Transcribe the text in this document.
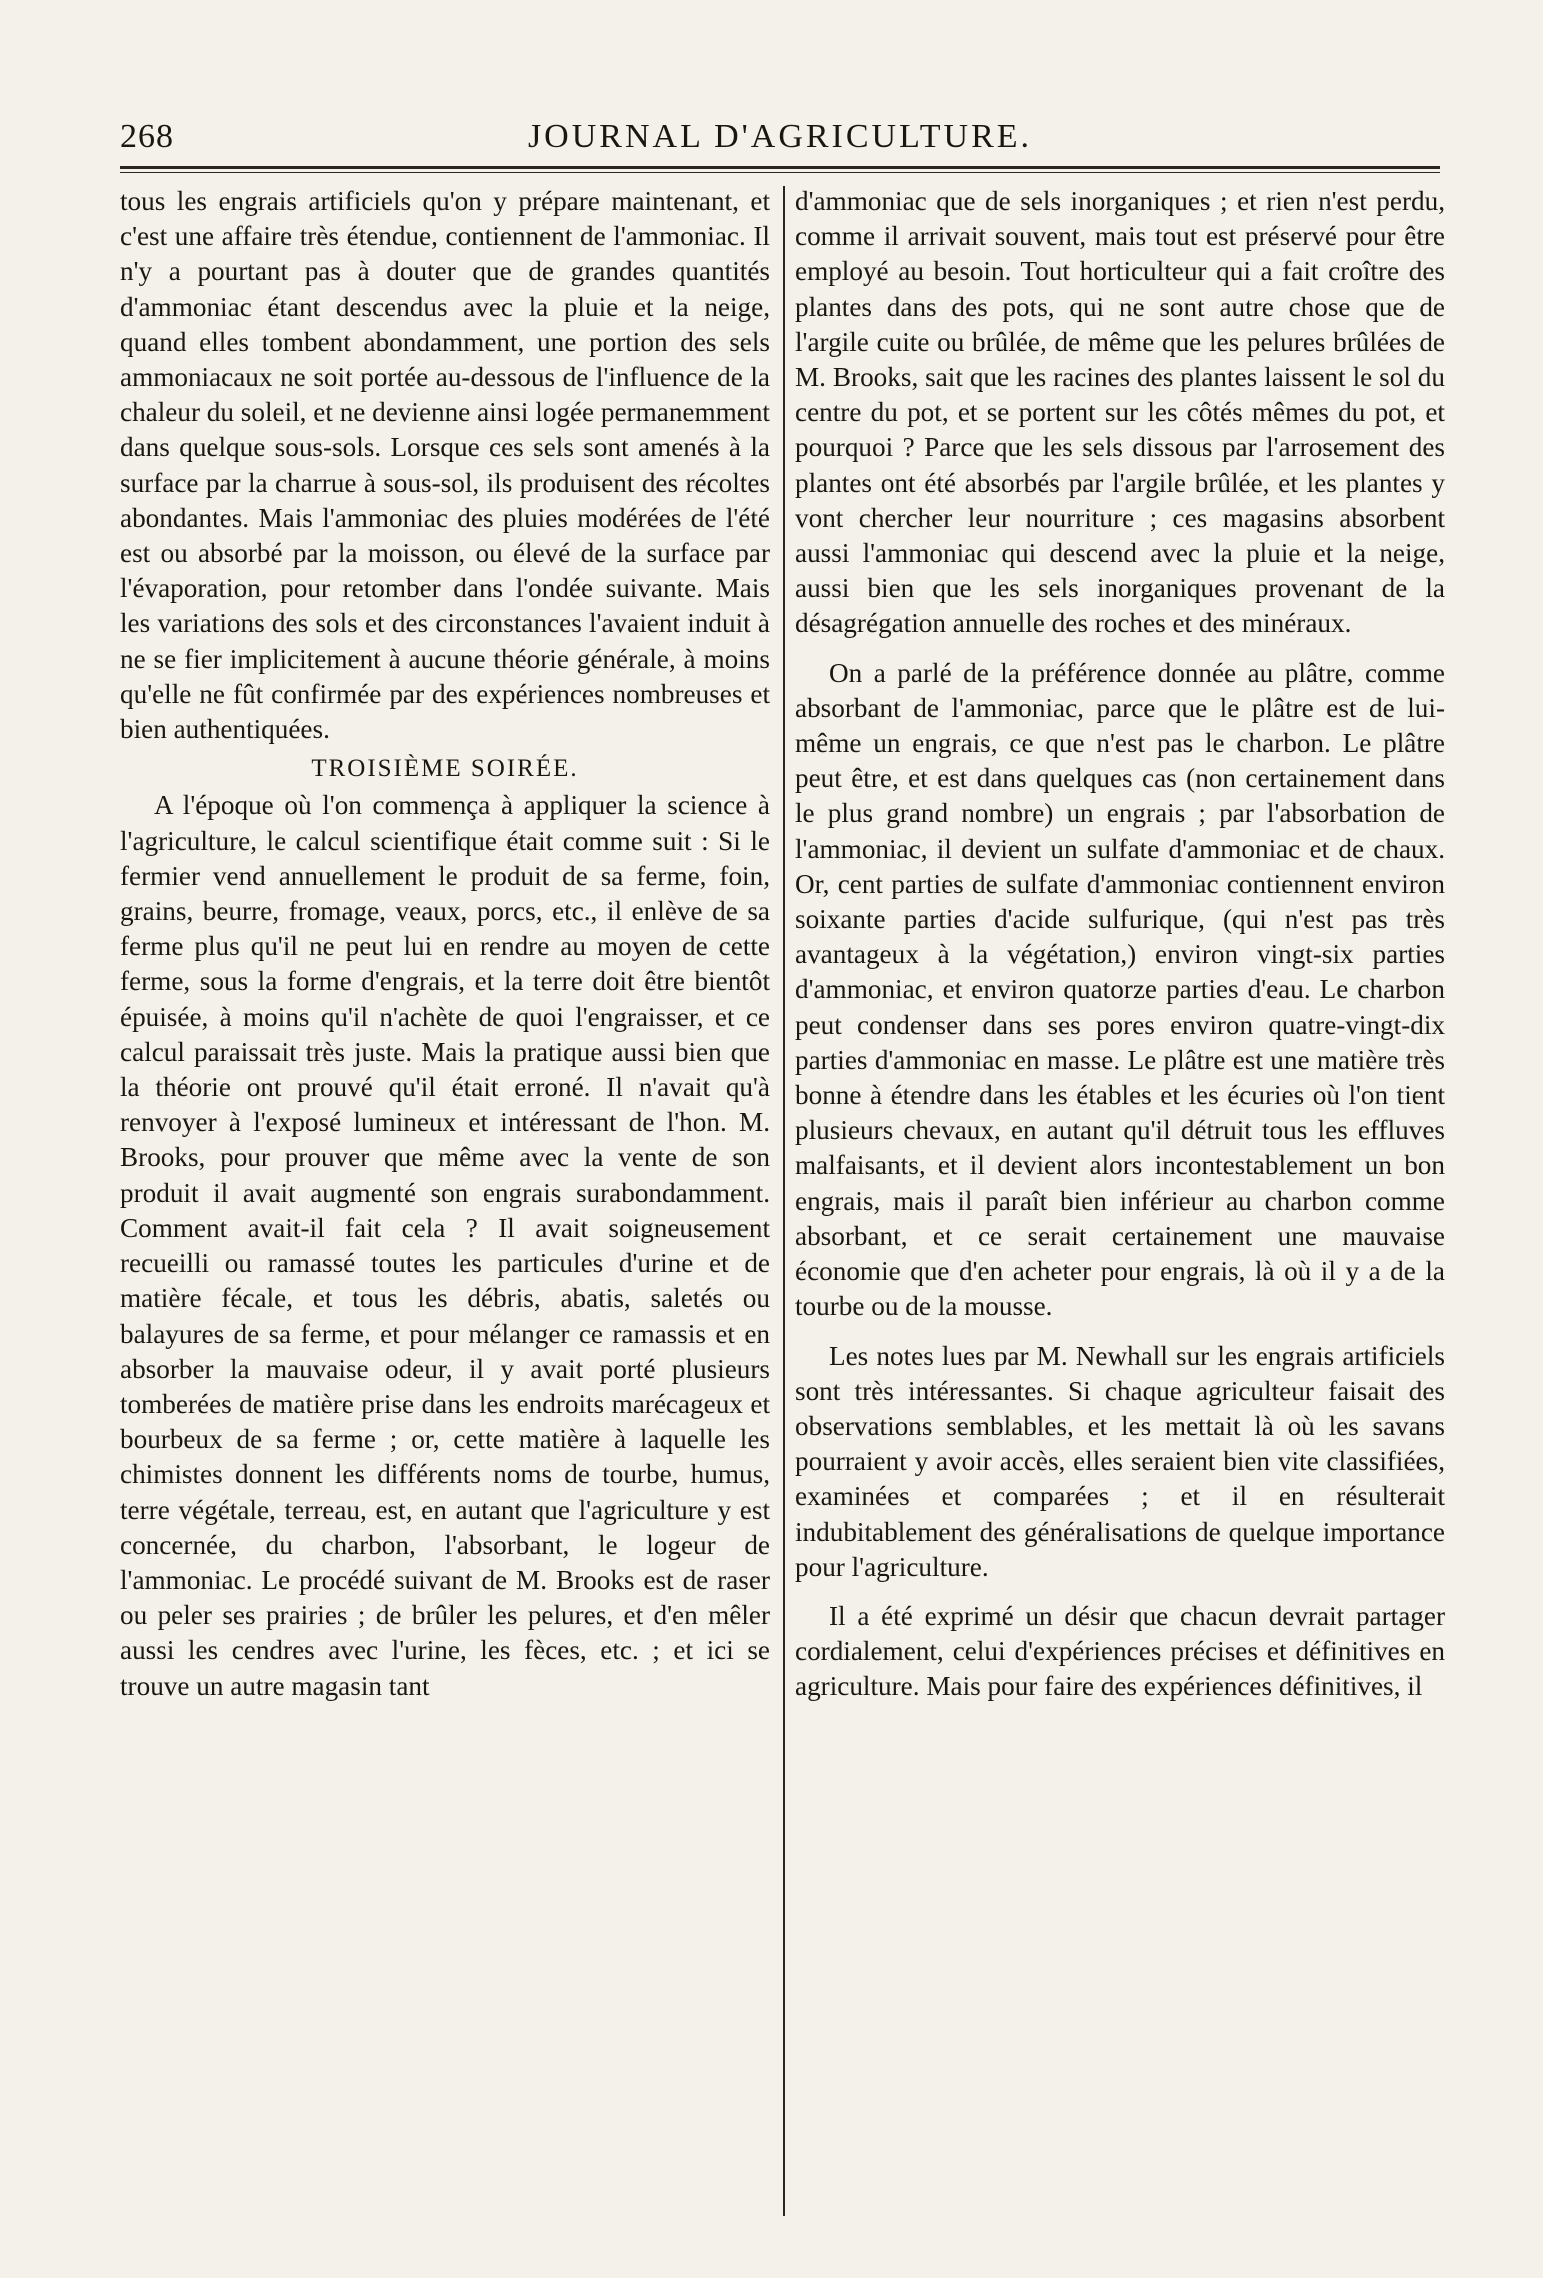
268	JOURNAL D'AGRICULTURE.

tous les engrais artificiels qu'on y prépare maintenant, et c'est une affaire très étendue, contiennent de l'ammoniac. Il n'y a pourtant pas à douter que de grandes quantités d'ammoniac étant descendus avec la pluie et la neige, quand elles tombent abondamment, une portion des sels ammoniacaux ne soit portée au-dessous de l'influence de la chaleur du soleil, et ne devienne ainsi logée permanemment dans quelque sous-sols. Lorsque ces sels sont amenés à la surface par la charrue à sous-sol, ils produisent des récoltes abondantes. Mais l'ammoniac des pluies modérées de l'été est ou absorbé par la moisson, ou élevé de la surface par l'évaporation, pour retomber dans l'ondée suivante. Mais les variations des sols et des circonstances l'avaient induit à ne se fier implicitement à aucune théorie générale, à moins qu'elle ne fût confirmée par des expériences nombreuses et bien authentiquées.

TROISIÈME SOIRÉE.

A l'époque où l'on commença à appliquer la science à l'agriculture, le calcul scientifique était comme suit : Si le fermier vend annuellement le produit de sa ferme, foin, grains, beurre, fromage, veaux, porcs, etc., il enlève de sa ferme plus qu'il ne peut lui en rendre au moyen de cette ferme, sous la forme d'engrais, et la terre doit être bientôt épuisée, à moins qu'il n'achète de quoi l'engraisser, et ce calcul paraissait très juste. Mais la pratique aussi bien que la théorie ont prouvé qu'il était erroné. Il n'avait qu'à renvoyer à l'exposé lumineux et intéressant de l'hon. M. Brooks, pour prouver que même avec la vente de son produit il avait augmenté son engrais surabondamment. Comment avait-il fait cela ? Il avait soigneusement recueilli ou ramassé toutes les particules d'urine et de matière fécale, et tous les débris, abatis, saletés ou balayures de sa ferme, et pour mélanger ce ramassis et en absorber la mauvaise odeur, il y avait porté plusieurs tomberées de matière prise dans les endroits marécageux et bourbeux de sa ferme ; or, cette matière à laquelle les chimistes donnent les différents noms de tourbe, humus, terre végétale, terreau, est, en autant que l'agriculture y est concernée, du charbon, l'absorbant, le logeur de l'ammoniac. Le procédé suivant de M. Brooks est de raser ou peler ses prairies ; de brûler les pelures, et d'en mêler aussi les cendres avec l'urine, les fèces, etc. ; et ici se trouve un autre magasin tant

d'ammoniac que de sels inorganiques ; et rien n'est perdu, comme il arrivait souvent, mais tout est préservé pour être employé au besoin. Tout horticulteur qui a fait croître des plantes dans des pots, qui ne sont autre chose que de l'argile cuite ou brûlée, de même que les pelures brûlées de M. Brooks, sait que les racines des plantes laissent le sol du centre du pot, et se portent sur les côtés mêmes du pot, et pourquoi ? Parce que les sels dissous par l'arrosement des plantes ont été absorbés par l'argile brûlée, et les plantes y vont chercher leur nourriture ; ces magasins absorbent aussi l'ammoniac qui descend avec la pluie et la neige, aussi bien que les sels inorganiques provenant de la désagrégation annuelle des roches et des minéraux.

On a parlé de la préférence donnée au plâtre, comme absorbant de l'ammoniac, parce que le plâtre est de lui-même un engrais, ce que n'est pas le charbon. Le plâtre peut être, et est dans quelques cas (non certainement dans le plus grand nombre) un engrais ; par l'absorbation de l'ammoniac, il devient un sulfate d'ammoniac et de chaux. Or, cent parties de sulfate d'ammoniac contiennent environ soixante parties d'acide sulfurique, (qui n'est pas très avantageux à la végétation,) environ vingt-six parties d'ammoniac, et environ quatorze parties d'eau. Le charbon peut condenser dans ses pores environ quatre-vingt-dix parties d'ammoniac en masse. Le plâtre est une matière très bonne à étendre dans les étables et les écuries où l'on tient plusieurs chevaux, en autant qu'il détruit tous les effluves malfaisants, et il devient alors incontestablement un bon engrais, mais il paraît bien inférieur au charbon comme absorbant, et ce serait certainement une mauvaise économie que d'en acheter pour engrais, là où il y a de la tourbe ou de la mousse.

Les notes lues par M. Newhall sur les engrais artificiels sont très intéressantes. Si chaque agriculteur faisait des observations semblables, et les mettait là où les savans pourraient y avoir accès, elles seraient bien vite classifiées, examinées et comparées ; et il en résulterait indubitablement des généralisations de quelque importance pour l'agriculture.

Il a été exprimé un désir que chacun devrait partager cordialement, celui d'expériences précises et définitives en agriculture. Mais pour faire des expériences définitives, il
